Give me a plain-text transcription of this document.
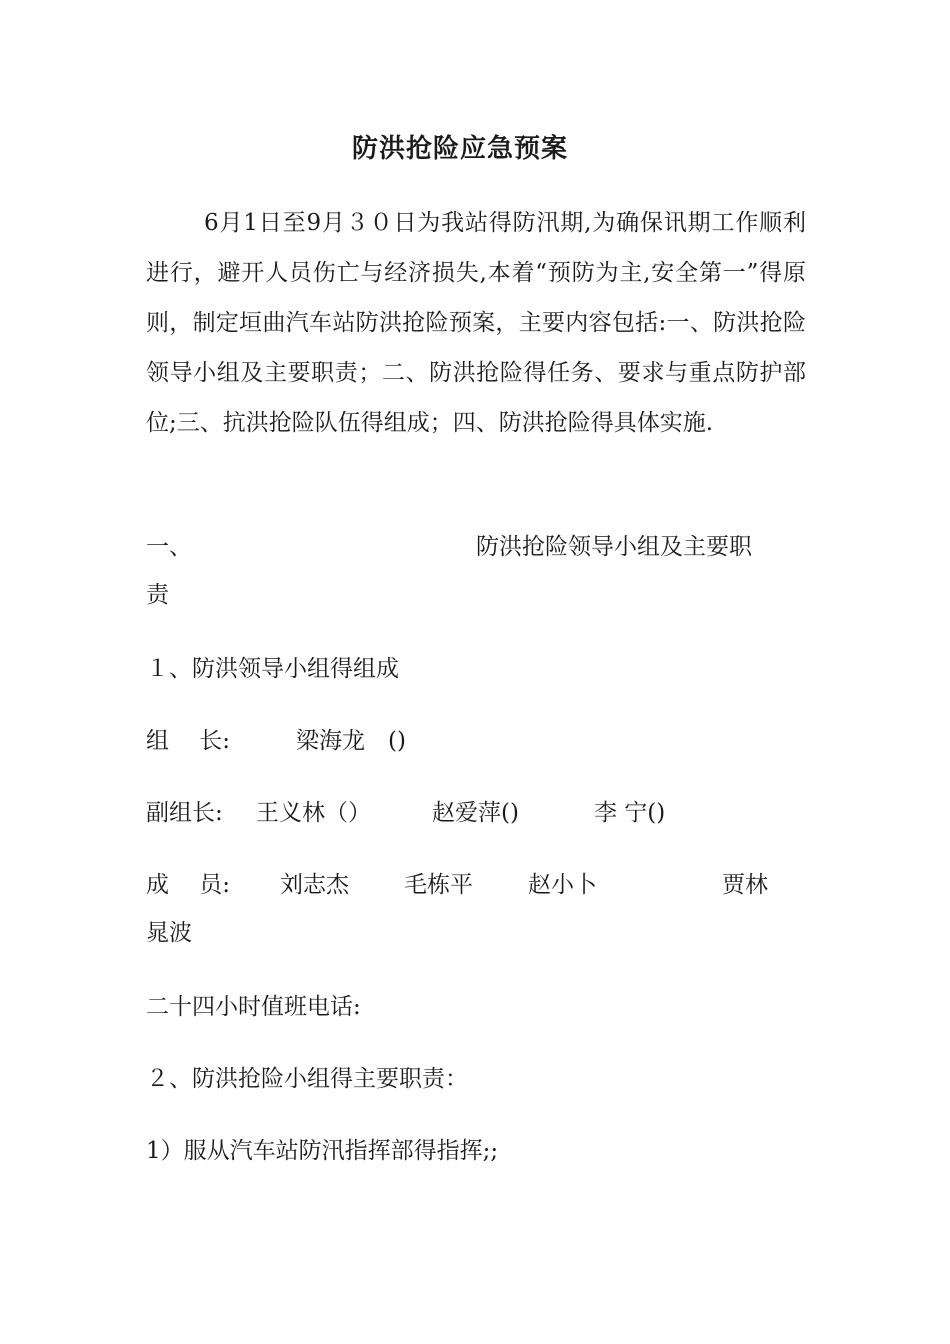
防洪抢险应急预案
6月1日至9月３０日为我站得防汛期,为确保讯期工作顺利进行，避开人员伤亡与经济损失,本着“预防为主,安全第一”得原则，制定垣曲汽车站防洪抢险预案，主要内容包括:一、防洪抢险领导小组及主要职责；二、防洪抢险得任务、要求与重点防护部位;三、抗洪抢险队伍得组成；四、防洪抢险得具体实施.
一、	防洪抢险领导小组及主要职
责
１、防洪领导小组得组成
组　 长:	梁海龙　()
副组长: 王义林（）	赵爱萍()	李 宁()
成　 员: 刘志杰 毛栋平 赵小卜	贾林
晁波
二十四小时值班电话:
２、防洪抢险小组得主要职责：
1）服从汽车站防汛指挥部得指挥;;
